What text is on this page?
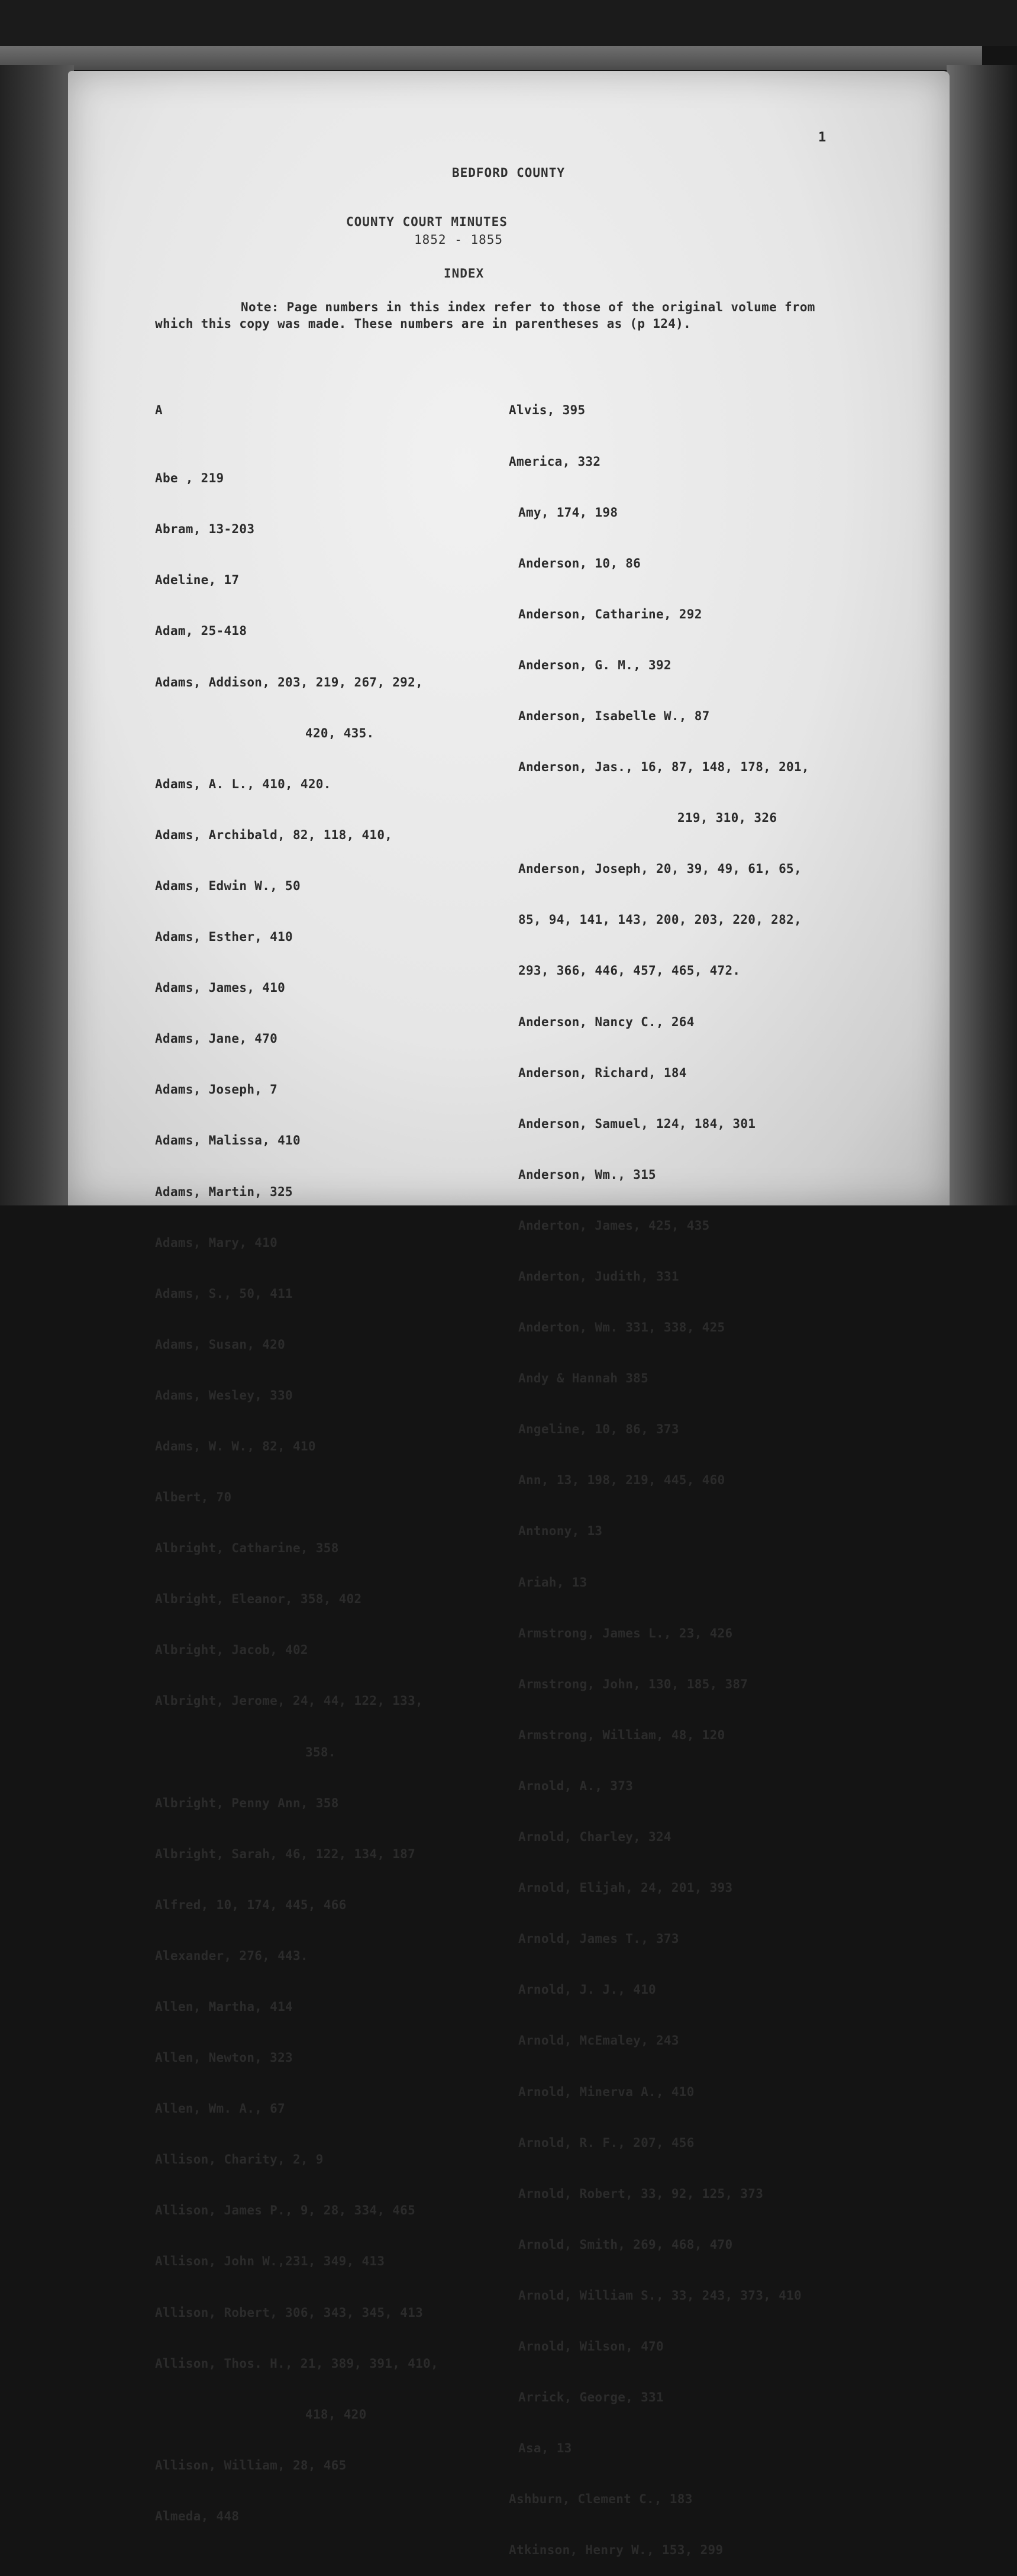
1
BEDFORD COUNTY
COUNTY COURT MINUTES
1852 - 1855
INDEX
Note: Page numbers in this index refer to those of the original volume from which this copy was made. These numbers are in parentheses as (p 124).

A

Abe , 219

Abram, 13-203

Adeline, 17

Adam, 25-418

Adams, Addison, 203, 219, 267, 292,

420, 435.

Adams, A. L., 410, 420.

Adams, Archibald, 82, 118, 410,

Adams, Edwin W., 50

Adams, Esther, 410

Adams, James, 410

Adams, Jane, 470

Adams, Joseph, 7

Adams, Malissa, 410

Adams, Martin, 325

Adams, Mary, 410

Adams, S., 50, 411

Adams, Susan, 420

Adams, Wesley, 330

Adams, W. W., 82, 410

Albert, 70

Albright, Catharine, 358

Albright, Eleanor, 358, 402

Albright, Jacob, 402

Albright, Jerome, 24, 44, 122, 133,

358.

Albright, Penny Ann, 358

Albright, Sarah, 46, 122, 134, 187

Alfred, 10, 174, 445, 466

Alexander, 276, 443.

Allen, Martha, 414

Allen, Newton, 323

Allen, Wm. A., 67

Allison, Charity, 2, 9

Allison, James P., 9, 28, 334, 465

Allison, John W.,231, 349, 413

Allison, Robert, 306, 343, 345, 413

Allison, Thos. H., 21, 389, 391, 410,

418, 420

Allison, William, 28, 465

Almeda, 448

Alvis, 395

America, 332

Amy, 174, 198

Anderson, 10, 86

Anderson, Catharine, 292

Anderson, G. M., 392

Anderson, Isabelle W., 87

Anderson, Jas., 16, 87, 148, 178, 201,

219, 310, 326

Anderson, Joseph, 20, 39, 49, 61, 65,

85, 94, 141, 143, 200, 203, 220, 282,

293, 366, 446, 457, 465, 472.

Anderson, Nancy C., 264

Anderson, Richard, 184

Anderson, Samuel, 124, 184, 301

Anderson, Wm., 315

Anderton, James, 425, 435

Anderton, Judith, 331

Anderton, Wm. 331, 338, 425

Andy & Hannah 385

Angeline, 10, 86, 373

Ann, 13, 198, 219, 445, 460

Antnony, 13

Ariah, 13

Armstrong, James L., 23, 426

Armstrong, John, 130, 185, 387

Armstrong, William, 48, 120

Arnold, A., 373

Arnold, Charley, 324

Arnold, Elijah, 24, 201, 393

Arnold, James T., 373

Arnold, J. J., 410

Arnold, McEmaley, 243

Arnold, Minerva A., 410

Arnold, R. F., 207, 456

Arnold, Robert, 33, 92, 125, 373

Arnold, Smith, 269, 468, 470

Arnold, William S., 33, 243, 373, 410

Arnold, Wilson, 470

Arrick, George, 331

Asa, 13

Ashburn, Clement C., 183

Atkinson, Henry W., 153, 299
